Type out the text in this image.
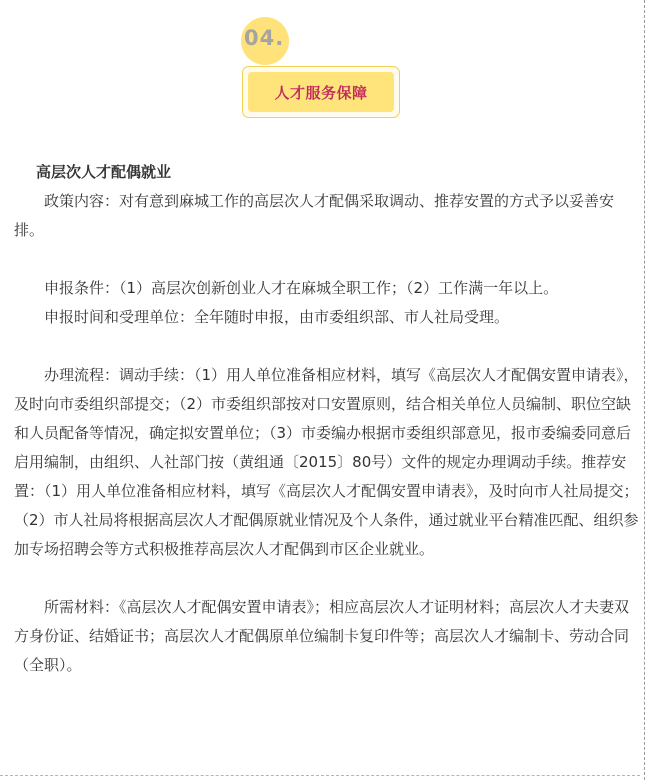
04.
人才服务保障

高层次人才配偶就业

政策内容：对有意到麻城工作的高层次人才配偶采取调动、推荐安置的方式予以妥善安排。

申报条件：（1）高层次创新创业人才在麻城全职工作；（2）工作满一年以上。

申报时间和受理单位：全年随时申报，由市委组织部、市人社局受理。

办理流程：调动手续：（1）用人单位准备相应材料，填写《高层次人才配偶安置申请表》，及时向市委组织部提交；（2）市委组织部按对口安置原则，结合相关单位人员编制、职位空缺和人员配备等情况，确定拟安置单位；（3）市委编办根据市委组织部意见，报市委编委同意后启用编制，由组织、人社部门按（黄组通〔2015〕80号）文件的规定办理调动手续。推荐安置：（1）用人单位准备相应材料，填写《高层次人才配偶安置申请表》，及时向市人社局提交；（2）市人社局将根据高层次人才配偶原就业情况及个人条件，通过就业平台精准匹配、组织参加专场招聘会等方式积极推荐高层次人才配偶到市区企业就业。

所需材料：《高层次人才配偶安置申请表》；相应高层次人才证明材料；高层次人才夫妻双方身份证、结婚证书；高层次人才配偶原单位编制卡复印件等；高层次人才编制卡、劳动合同（全职）。
